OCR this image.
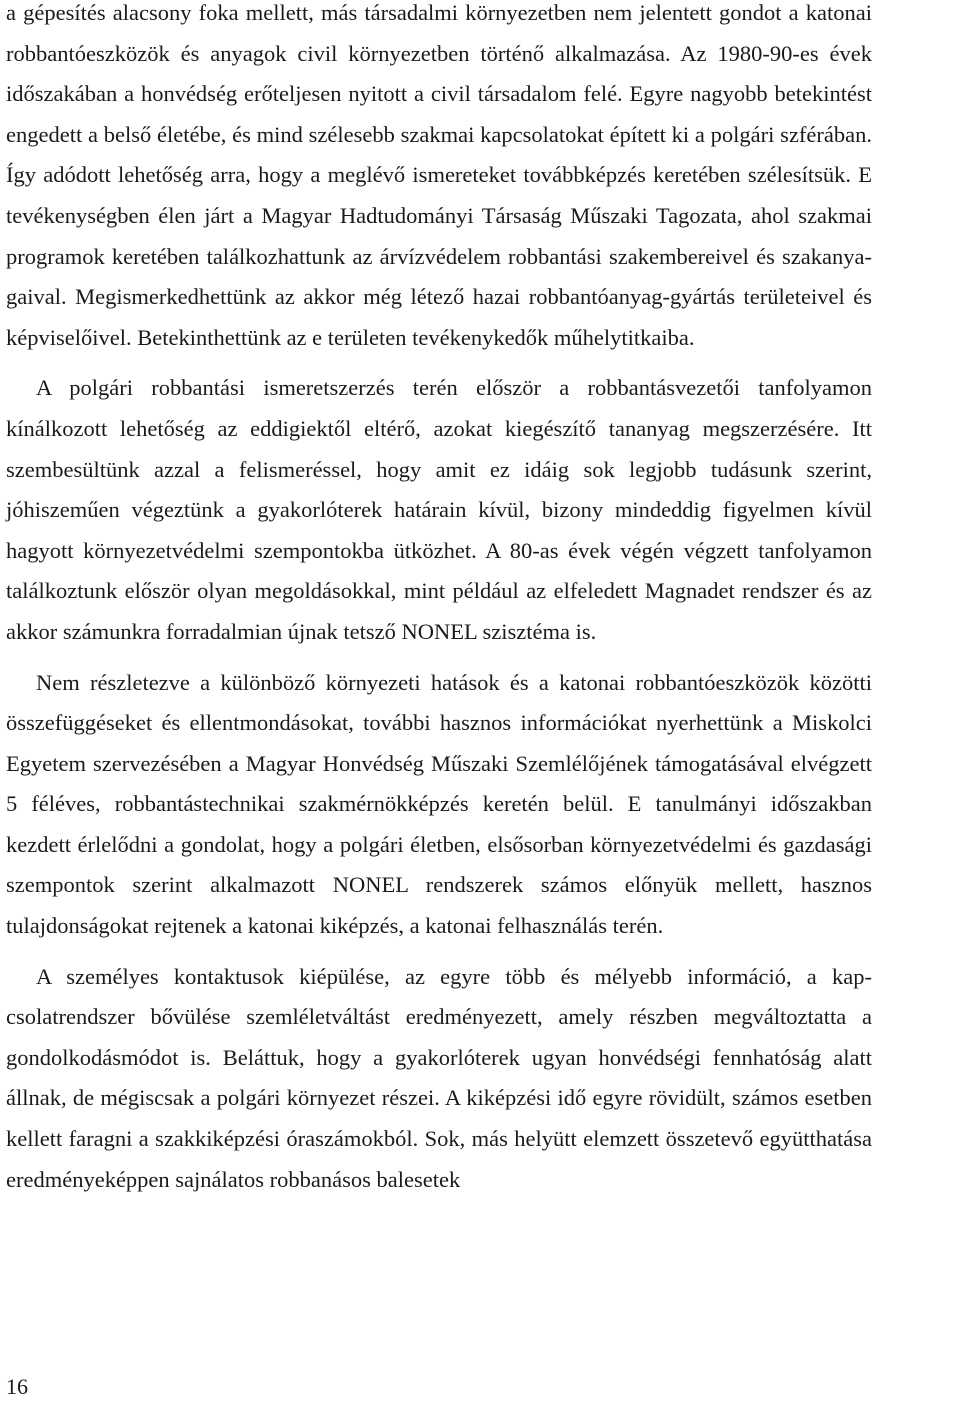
a gépesítés alacsony foka mellett, más társadalmi környezetben nem jelentett gondot a katonai robbantóeszközök és anyagok civil környezetben történő alkalmazása. Az 1980-90-es évek időszakában a honvédség erőteljesen nyitott a civil társadalom felé. Egyre nagyobb betekintést engedett a belső életébe, és mind szélesebb szakmai kapcsolatokat épített ki a polgári szférában. Így adódott lehetőség arra, hogy a meglévő ismereteket továbbképzés keretében szélesítsük. E tevékenységben élen járt a Magyar Hadtudományi Társaság Műszaki Tagozata, ahol szakmai programok keretében találkozhattunk az árvízvédelem robbantási szakembereivel és szakanyagaival. Megismerkedhettünk az akkor még létező hazai robbantóanyag-gyártás területeivel és képviselőivel. Betekinthettünk az e területen tevékenykedők műhelytitkaiba.

A polgári robbantási ismeretszerzés terén először a robbantásvezetői tanfolyamon kínálkozott lehetőség az eddigiektől eltérő, azokat kiegészítő tananyag megszerzésére. Itt szembesültünk azzal a felismeréssel, hogy amit ez idáig sok legjobb tudásunk szerint, jóhiszeműen végeztünk a gyakorlóterek határain kívül, bizony mindeddig figyelmen kívül hagyott környezetvédelmi szempontokba ütközhet. A 80-as évek végén végzett tanfolyamon találkoztunk először olyan megoldásokkal, mint például az elfeledett Magnadet rendszer és az akkor számunkra forradalmian újnak tetsző NONEL szisztéma is.

Nem részletezve a különböző környezeti hatások és a katonai robbantóeszközök közötti összefüggéseket és ellentmondásokat, további hasznos információkat nyerhettünk a Miskolci Egyetem szervezésében a Magyar Honvédség Műszaki Szemlélőjének támogatásával elvégzett 5 féléves, robbantástechnikai szakmérnökképzés keretén belül. E tanulmányi időszakban kezdett érlelődni a gondolat, hogy a polgári életben, elsősorban környezetvédelmi és gazdasági szempontok szerint alkalmazott NONEL rendszerek számos előnyük mellett, hasznos tulajdonságokat rejtenek a katonai kiképzés, a katonai felhasználás terén.

A személyes kontaktusok kiépülése, az egyre több és mélyebb információ, a kapcsolatrendszer bővülése szemléletváltást eredményezett, amely részben megváltoztatta a gondolkodásmódot is. Beláttuk, hogy a gyakorlóterek ugyan honvédségi fennhatóság alatt állnak, de mégiscsak a polgári környezet részei. A kiképzési idő egyre rövidült, számos esetben kellett faragni a szakkiképzési óraszámokból. Sok, más helyütt elemzett összetevő együtthatása eredményeképpen sajnálatos robbanásos balesetek

16
